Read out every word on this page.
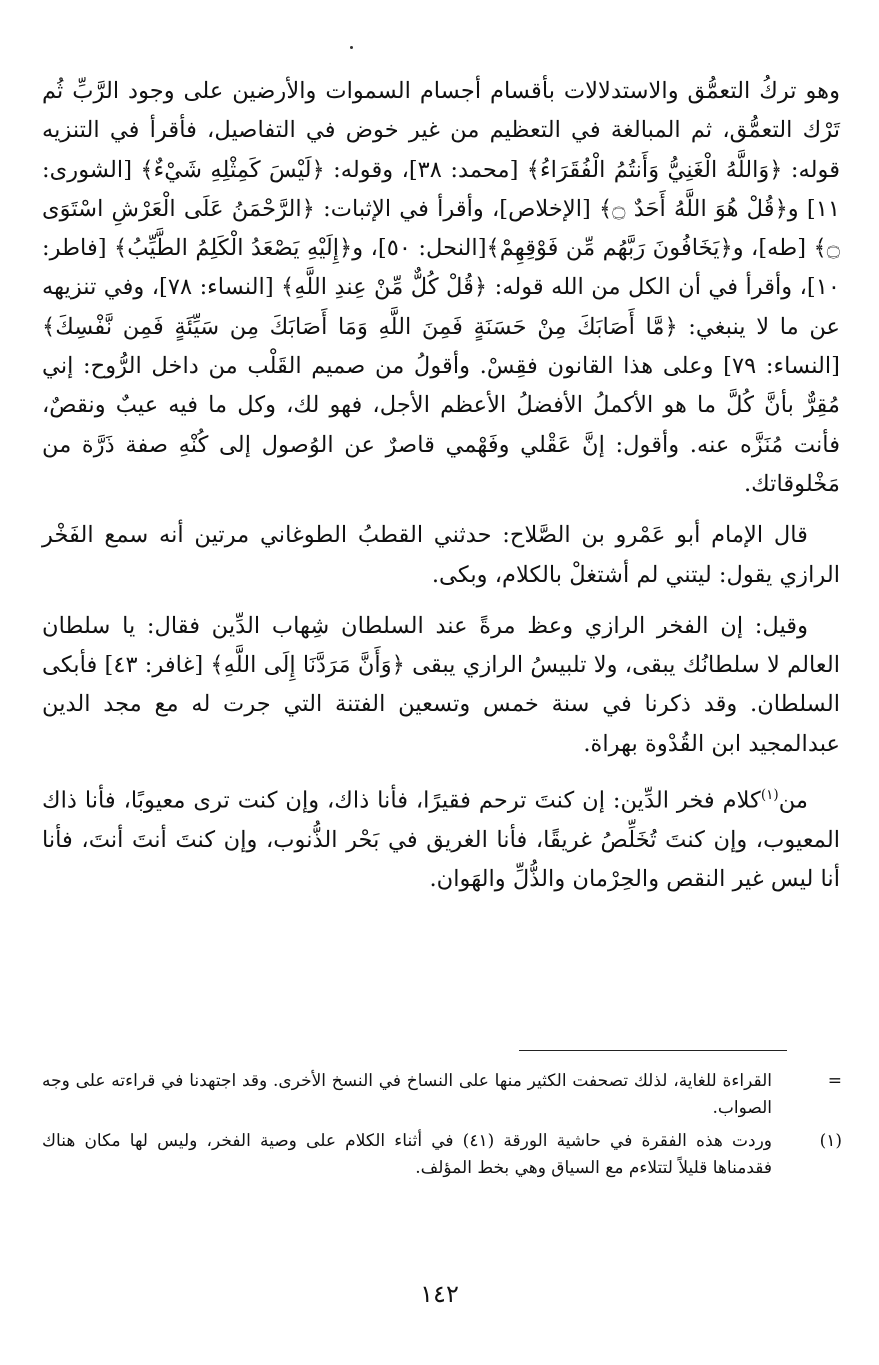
وهو تركُ التعمُّق والاستدلالات بأقسام أجسام السموات والأرضين على وجود الرَّبِّ ثُم تَرْك التعمُّق، ثم المبالغة في التعظيم من غير خوض في التفاصيل، فأقرأ في التنزيه قوله: ﴿وَاللَّهُ الْغَنِيُّ وَأَنتُمُ الْفُقَرَاءُ﴾ [محمد: ٣٨]، وقوله: ﴿لَيْسَ كَمِثْلِهِ شَيْءٌ﴾ [الشورى: ١١] و﴿قُلْ هُوَ اللَّهُ أَحَدٌ ۝﴾ [الإخلاص]، وأقرأ في الإثبات: ﴿الرَّحْمَنُ عَلَى الْعَرْشِ اسْتَوَى ۝﴾ [طه]، و﴿يَخَافُونَ رَبَّهُم مِّن فَوْقِهِمْ﴾[النحل: ٥٠]، و﴿إِلَيْهِ يَصْعَدُ الْكَلِمُ الطَّيِّبُ﴾ [فاطر: ١٠]، وأقرأ في أن الكل من الله قوله: ﴿قُلْ كُلٌّ مِّنْ عِندِ اللَّهِ﴾ [النساء: ٧٨]، وفي تنزيهه عن ما لا ينبغي: ﴿مَّا أَصَابَكَ مِنْ حَسَنَةٍ فَمِنَ اللَّهِ وَمَا أَصَابَكَ مِن سَيِّئَةٍ فَمِن نَّفْسِكَ﴾ [النساء: ٧٩] وعلى هذا القانون فقِسْ. وأقولُ من صميم القَلْب من داخل الرُّوح: إني مُقِرٌّ بأنَّ كُلَّ ما هو الأكملُ الأفضلُ الأعظم الأجل، فهو لك، وكل ما فيه عيبٌ ونقصٌ، فأنت مُنَزَّه عنه. وأقول: إنَّ عَقْلي وفَهْمي قاصرٌ عن الوُصول إلى كُنْهِ صفة ذَرَّة من مَخْلوقاتك.

قال الإمام أبو عَمْرو بن الصَّلاح: حدثني القطبُ الطوغاني مرتين أنه سمع الفَخْر الرازي يقول: ليتني لم أشتغلْ بالكلام، وبكى.

وقيل: إن الفخر الرازي وعظ مرةً عند السلطان شِهاب الدِّين فقال: يا سلطان العالم لا سلطانُك يبقى، ولا تلبيسُ الرازي يبقى ﴿وَأَنَّ مَرَدَّنَا إِلَى اللَّهِ﴾ [غافر: ٤٣] فأبكى السلطان. وقد ذكرنا في سنة خمس وتسعين الفتنة التي جرت له مع مجد الدين عبدالمجيد ابن القُدْوة بهراة.

من$^{(١)}$كلام فخر الدِّين: إن كنتَ ترحم فقيرًا، فأنا ذاك، وإن كنت ترى معيوبًا، فأنا ذاك المعيوب، وإن كنتَ تُخَلِّصُ غريقًا، فأنا الغريق في بَحْر الذُّنوب، وإن كنتَ أنتَ أنتَ، فأنا أنا ليس غير النقص والحِرْمان والذُّلِّ والهَوان.

=
القراءة للغاية، لذلك تصحفت الكثير منها على النساخ في النسخ الأخرى. وقد اجتهدنا في قراءته على وجه الصواب.
(١)
وردت هذه الفقرة في حاشية الورقة (٤١) في أثناء الكلام على وصية الفخر، وليس لها مكان هناك فقدمناها قليلاً لتتلاءم مع السياق وهي بخط المؤلف.
١٤٢
